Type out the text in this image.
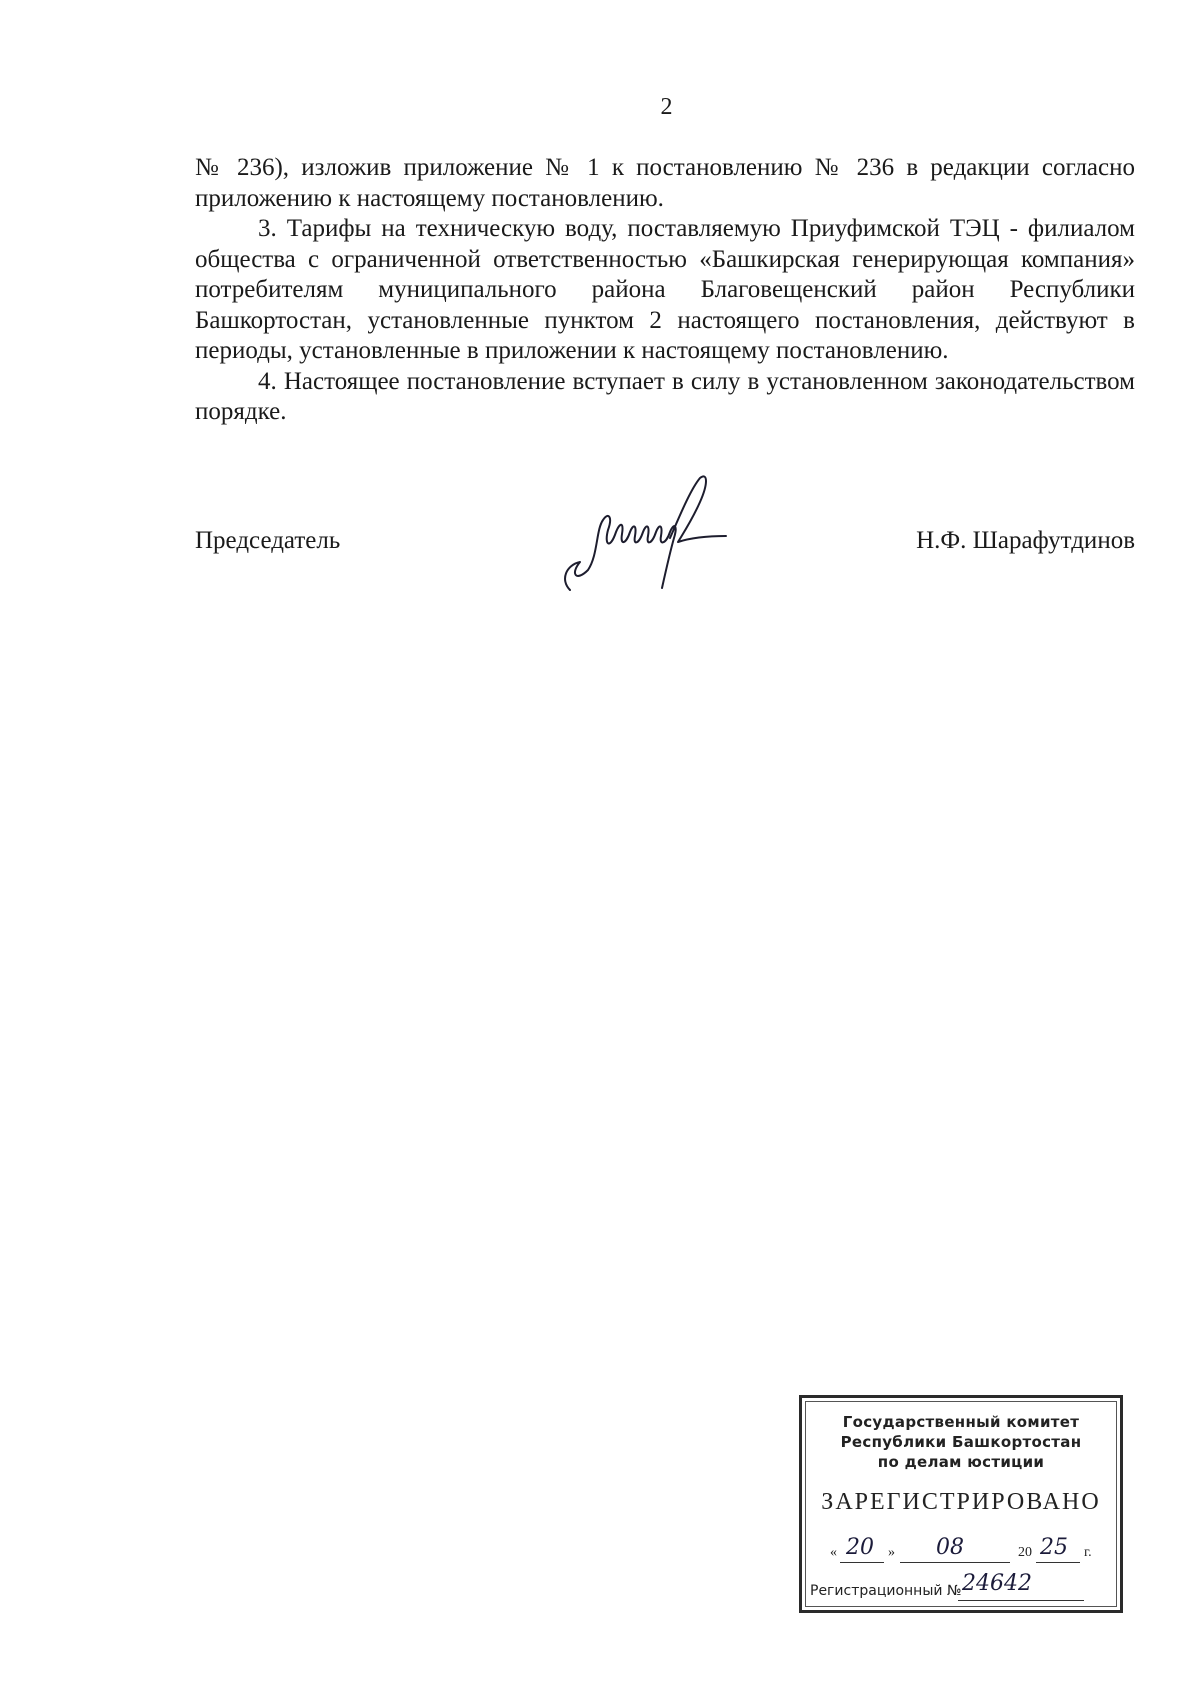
2

№ 236), изложив приложение № 1 к постановлению № 236 в редакции согласно приложению к настоящему постановлению.

3. Тарифы на техническую воду, поставляемую Приуфимской ТЭЦ - филиалом общества с ограниченной ответственностью «Башкирская генерирующая компания» потребителям муниципального района Благовещенский район Республики Башкортостан, установленные пунктом 2 настоящего постановления, действуют в периоды, установленные в приложении к настоящему постановлению.

4. Настоящее постановление вступает в силу в установленном законодательством порядке.

Председатель	Н.Ф. Шарафутдинов
Государственный комитет
Республики Башкортостан
по делам юстиции
ЗАРЕГИСТРИРОВАНО
« 20 » 08	20 25 г.
Регистрационный № 24642
